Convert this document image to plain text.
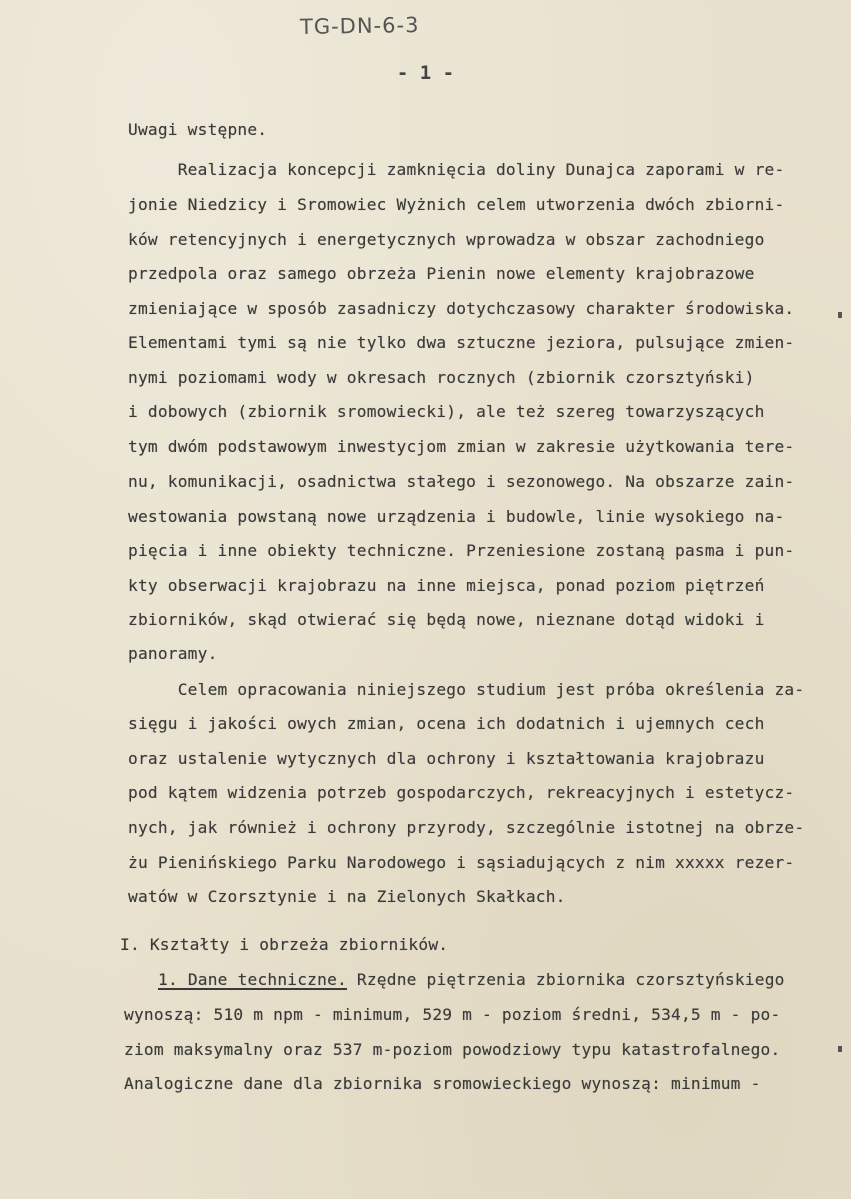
TG-DN-6-3
- 1 -
Uwagi wstępne.
Realizacja koncepcji zamknięcia doliny Dunajca zaporami w re-
jonie Niedzicy i Sromowiec Wyżnich celem utworzenia dwóch zbiorni-
ków retencyjnych i energetycznych wprowadza w obszar zachodniego
przedpola oraz samego obrzeża Pienin nowe elementy krajobrazowe
zmieniające w sposób zasadniczy dotychczasowy charakter środowiska.
Elementami tymi są nie tylko dwa sztuczne jeziora, pulsujące zmien-
nymi poziomami wody w okresach rocznych (zbiornik czorsztyński)
i dobowych (zbiornik sromowiecki), ale też szereg towarzyszących
tym dwóm podstawowym inwestycjom zmian w zakresie użytkowania tere-
nu, komunikacji, osadnictwa stałego i sezonowego. Na obszarze zain-
westowania powstaną nowe urządzenia i budowle, linie wysokiego na-
pięcia i inne obiekty techniczne. Przeniesione zostaną pasma i pun-
kty obserwacji krajobrazu na inne miejsca, ponad poziom piętrzeń
zbiorników, skąd otwierać się będą nowe, nieznane dotąd widoki i
panoramy.
Celem opracowania niniejszego studium jest próba określenia za-
sięgu i jakości owych zmian, ocena ich dodatnich i ujemnych cech
oraz ustalenie wytycznych dla ochrony i kształtowania krajobrazu
pod kątem widzenia potrzeb gospodarczych, rekreacyjnych i estetycz-
nych, jak również i ochrony przyrody, szczególnie istotnej na obrze-
żu Pienińskiego Parku Narodowego i sąsiadujących z nim xxxxx rezer-
watów w Czorsztynie i na Zielonych Skałkach.
I. Kształty i obrzeża zbiorników.
1. Dane techniczne. Rzędne piętrzenia zbiornika czorsztyńskiego
wynoszą: 510 m npm - minimum, 529 m - poziom średni, 534,5 m - po-
ziom maksymalny oraz 537 m-poziom powodziowy typu katastrofalnego.
Analogiczne dane dla zbiornika sromowieckiego wynoszą: minimum -
